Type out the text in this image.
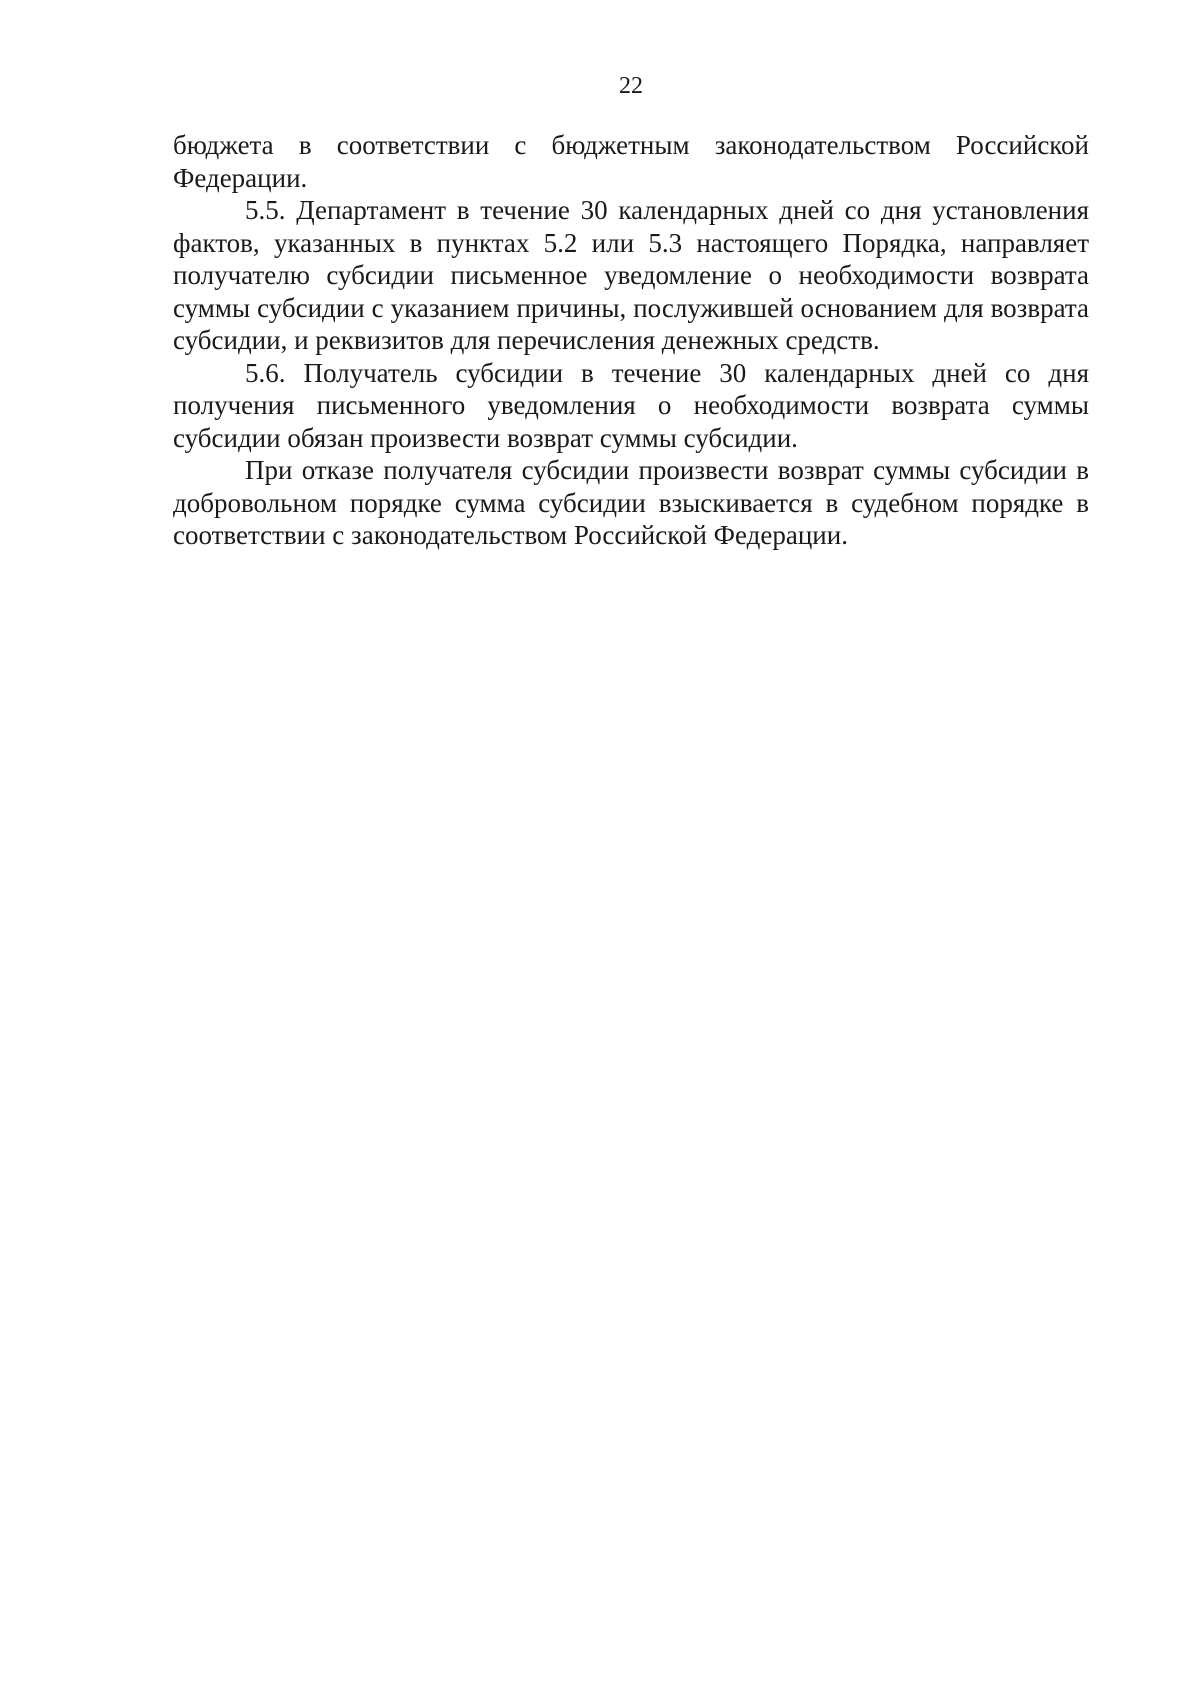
22

бюджета в соответствии с бюджетным законодательством Российской Федерации.

5.5. Департамент в течение 30 календарных дней со дня установления фактов, указанных в пунктах 5.2 или 5.3 настоящего Порядка, направляет получателю субсидии письменное уведомление о необходимости возврата суммы субсидии с указанием причины, послужившей основанием для возврата субсидии, и реквизитов для перечисления денежных средств.

5.6. Получатель субсидии в течение 30 календарных дней со дня получения письменного уведомления о необходимости возврата суммы субсидии обязан произвести возврат суммы субсидии.

При отказе получателя субсидии произвести возврат суммы субсидии в добровольном порядке сумма субсидии взыскивается в судебном порядке в соответствии с законодательством Российской Федерации.
